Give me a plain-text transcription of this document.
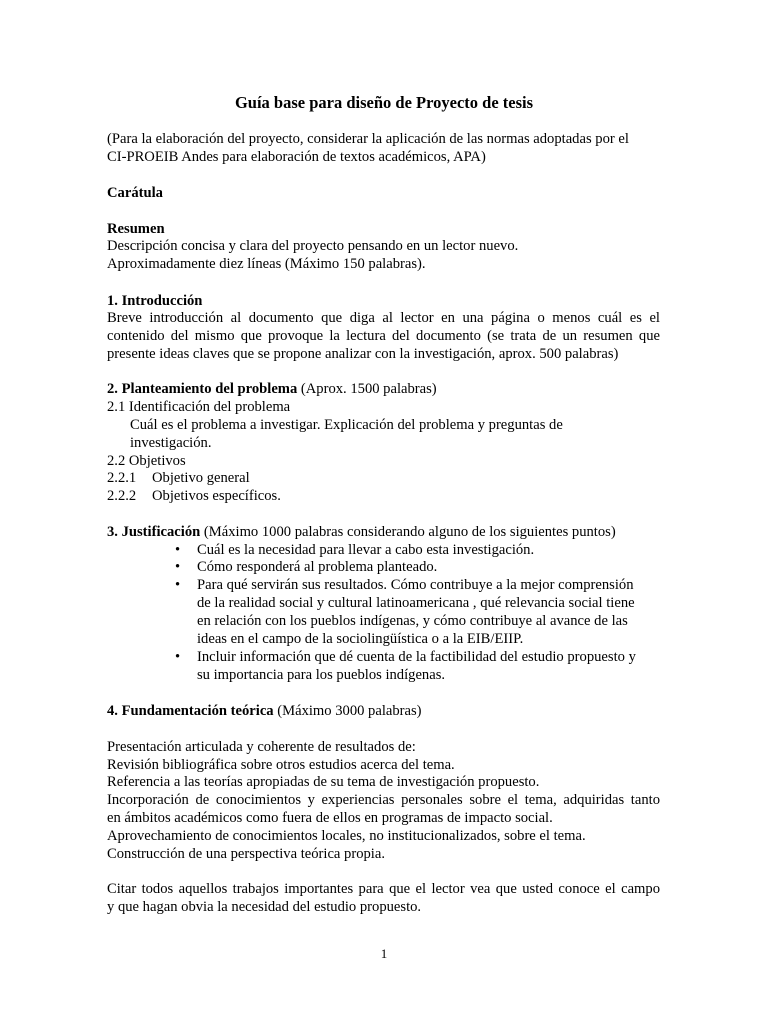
Guía base para diseño de Proyecto de tesis
(Para la elaboración del proyecto, considerar la aplicación de las normas adoptadas por el
CI-PROEIB Andes para elaboración de textos académicos, APA)
Carátula
Resumen
Descripción concisa y clara del proyecto pensando en un lector nuevo.
Aproximadamente diez líneas (Máximo 150 palabras).
1. Introducción
Breve introducción al documento que diga al lector en una página o menos cuál es el
contenido del mismo que provoque la lectura del documento (se trata de un resumen que
presente ideas claves que se propone analizar con la investigación, aprox. 500 palabras)
2. Planteamiento del problema (Aprox. 1500 palabras)
2.1 Identificación del problema
Cuál es el problema a investigar. Explicación del problema y preguntas de
investigación.
2.2 Objetivos
2.2.1 Objetivo general
2.2.2 Objetivos específicos.
3. Justificación (Máximo 1000 palabras considerando alguno de los siguientes puntos)
• Cuál es la necesidad para llevar a cabo esta investigación.
• Cómo responderá al problema planteado.
• Para qué servirán sus resultados. Cómo contribuye a la mejor comprensión
de la realidad social y cultural latinoamericana , qué relevancia social tiene
en relación con los pueblos indígenas, y cómo contribuye al avance de las
ideas en el campo de la sociolingüística o a la EIB/EIIP.
• Incluir información que dé cuenta de la factibilidad del estudio propuesto y
su importancia para los pueblos indígenas.
4. Fundamentación teórica (Máximo 3000 palabras)
Presentación articulada y coherente de resultados de:
Revisión bibliográfica sobre otros estudios acerca del tema.
Referencia a las teorías apropiadas de su tema de investigación propuesto.
Incorporación de conocimientos y experiencias personales sobre el tema, adquiridas tanto
en ámbitos académicos como fuera de ellos en programas de impacto social.
Aprovechamiento de conocimientos locales, no institucionalizados, sobre el tema.
Construcción de una perspectiva teórica propia.
Citar todos aquellos trabajos importantes para que el lector vea que usted conoce el campo
y que hagan obvia la necesidad del estudio propuesto.
1
